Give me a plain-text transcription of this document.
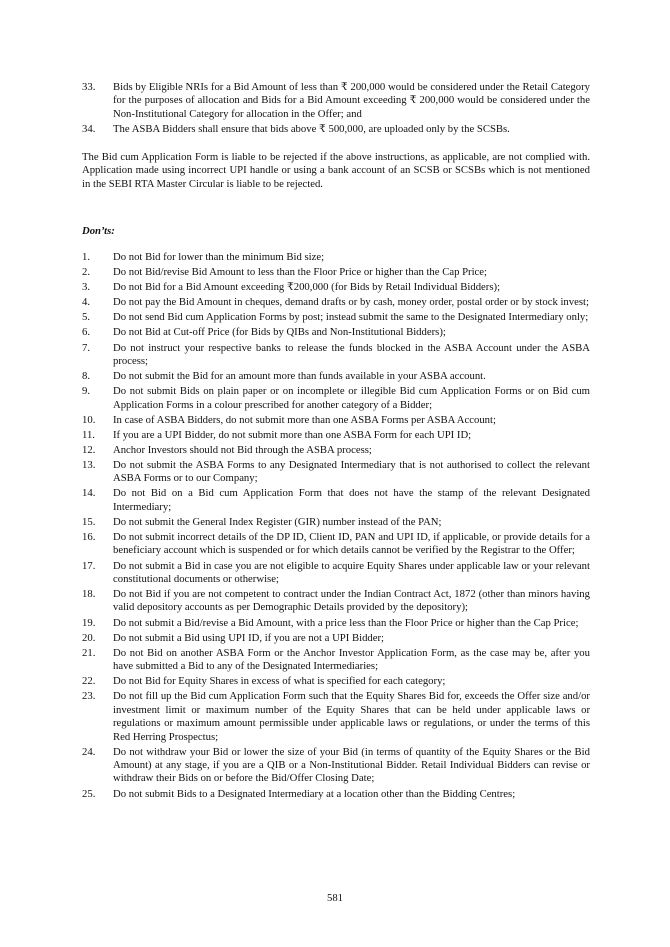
33.	Bids by Eligible NRIs for a Bid Amount of less than ₹ 200,000 would be considered under the Retail Category for the purposes of allocation and Bids for a Bid Amount exceeding ₹ 200,000 would be considered under the Non-Institutional Category for allocation in the Offer; and
34.	The ASBA Bidders shall ensure that bids above ₹ 500,000, are uploaded only by the SCSBs.

The Bid cum Application Form is liable to be rejected if the above instructions, as applicable, are not complied with. Application made using incorrect UPI handle or using a bank account of an SCSB or SCSBs which is not mentioned in the SEBI RTA Master Circular is liable to be rejected.

Don’ts:

1.	Do not Bid for lower than the minimum Bid size;
2.	Do not Bid/revise Bid Amount to less than the Floor Price or higher than the Cap Price;
3.	Do not Bid for a Bid Amount exceeding ₹200,000 (for Bids by Retail Individual Bidders);
4.	Do not pay the Bid Amount in cheques, demand drafts or by cash, money order, postal order or by stock invest;
5.	Do not send Bid cum Application Forms by post; instead submit the same to the Designated Intermediary only;
6.	Do not Bid at Cut-off Price (for Bids by QIBs and Non-Institutional Bidders);
7.	Do not instruct your respective banks to release the funds blocked in the ASBA Account under the ASBA process;
8.	Do not submit the Bid for an amount more than funds available in your ASBA account.
9.	Do not submit Bids on plain paper or on incomplete or illegible Bid cum Application Forms or on Bid cum Application Forms in a colour prescribed for another category of a Bidder;
10.	In case of ASBA Bidders, do not submit more than one ASBA Forms per ASBA Account;
11.	If you are a UPI Bidder, do not submit more than one ASBA Form for each UPI ID;
12.	Anchor Investors should not Bid through the ASBA process;
13.	Do not submit the ASBA Forms to any Designated Intermediary that is not authorised to collect the relevant ASBA Forms or to our Company;
14.	Do not Bid on a Bid cum Application Form that does not have the stamp of the relevant Designated Intermediary;
15.	Do not submit the General Index Register (GIR) number instead of the PAN;
16.	Do not submit incorrect details of the DP ID, Client ID, PAN and UPI ID, if applicable, or provide details for a beneficiary account which is suspended or for which details cannot be verified by the Registrar to the Offer;
17.	Do not submit a Bid in case you are not eligible to acquire Equity Shares under applicable law or your relevant constitutional documents or otherwise;
18.	Do not Bid if you are not competent to contract under the Indian Contract Act, 1872 (other than minors having valid depository accounts as per Demographic Details provided by the depository);
19.	Do not submit a Bid/revise a Bid Amount, with a price less than the Floor Price or higher than the Cap Price;
20.	Do not submit a Bid using UPI ID, if you are not a UPI Bidder;
21.	Do not Bid on another ASBA Form or the Anchor Investor Application Form, as the case may be, after you have submitted a Bid to any of the Designated Intermediaries;
22.	Do not Bid for Equity Shares in excess of what is specified for each category;
23.	Do not fill up the Bid cum Application Form such that the Equity Shares Bid for, exceeds the Offer size and/or investment limit or maximum number of the Equity Shares that can be held under applicable laws or regulations or maximum amount permissible under applicable laws or regulations, or under the terms of this Red Herring Prospectus;
24.	Do not withdraw your Bid or lower the size of your Bid (in terms of quantity of the Equity Shares or the Bid Amount) at any stage, if you are a QIB or a Non-Institutional Bidder. Retail Individual Bidders can revise or withdraw their Bids on or before the Bid/Offer Closing Date;
25.	Do not submit Bids to a Designated Intermediary at a location other than the Bidding Centres;
581
